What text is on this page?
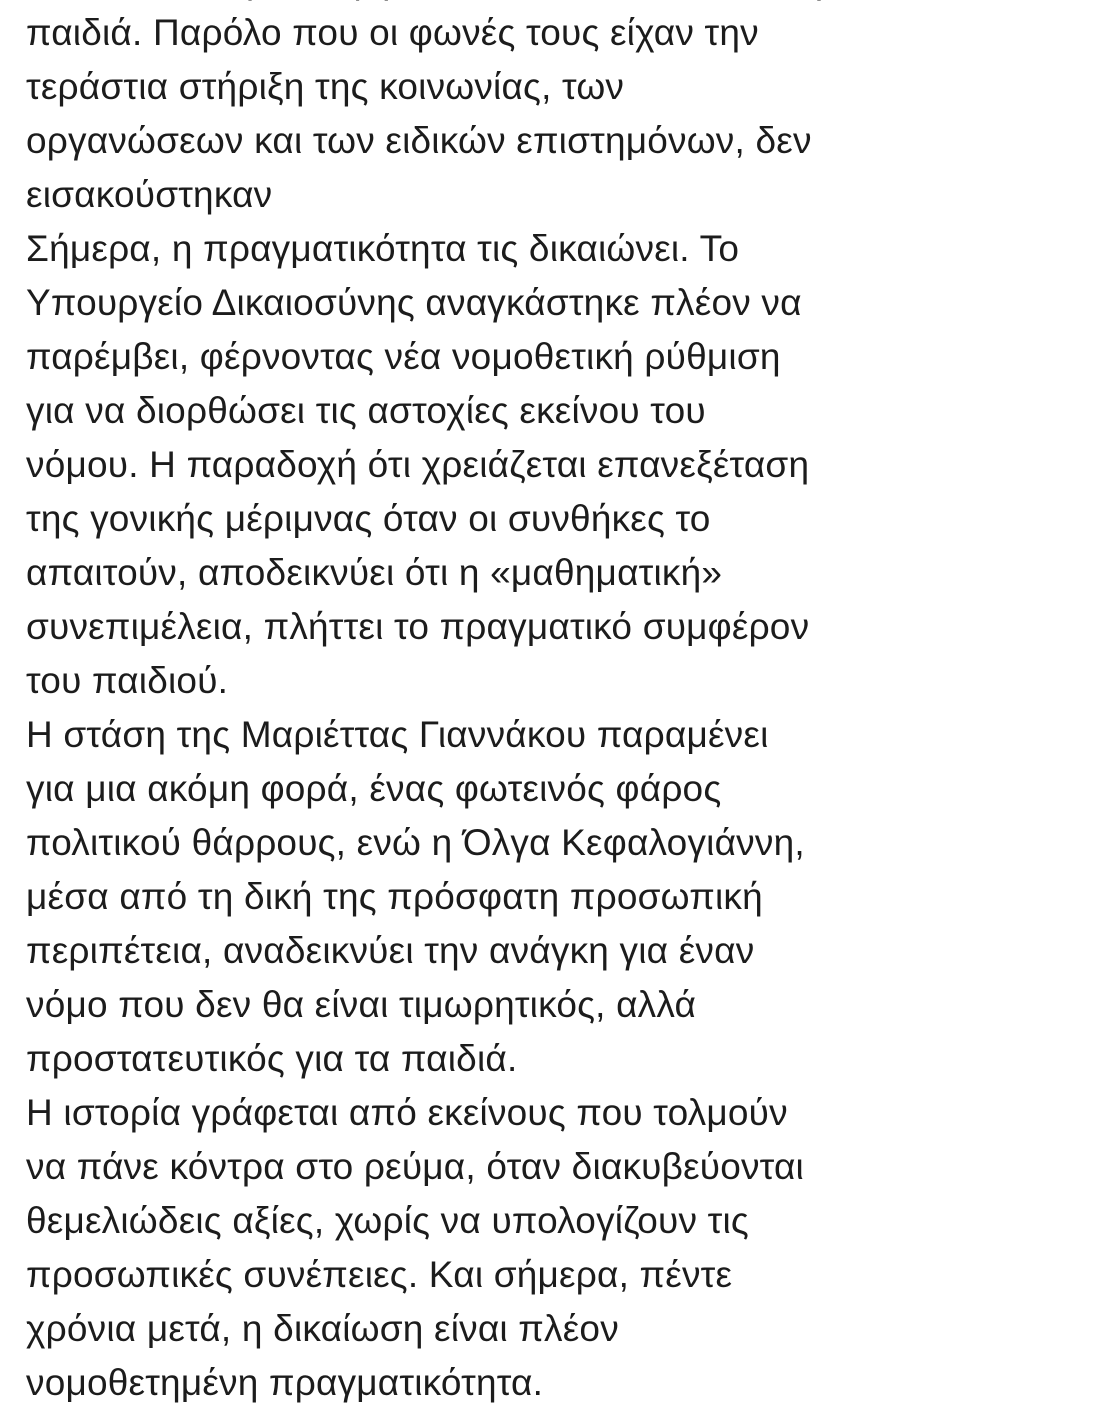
παιδιά. Παρόλο που οι φωνές τους είχαν την
τεράστια στήριξη της κοινωνίας, των
οργανώσεων και των ειδικών επιστημόνων, δεν
εισακούστηκαν
Σήμερα, η πραγματικότητα τις δικαιώνει. Το
Υπουργείο Δικαιοσύνης αναγκάστηκε πλέον να
παρέμβει, φέρνοντας νέα νομοθετική ρύθμιση
για να διορθώσει τις αστοχίες εκείνου του
νόμου. Η παραδοχή ότι χρειάζεται επανεξέταση
της γονικής μέριμνας όταν οι συνθήκες το
απαιτούν, αποδεικνύει ότι η «μαθηματική»
συνεπιμέλεια, πλήττει το πραγματικό συμφέρον
του παιδιού.
Η στάση της Μαριέττας Γιαννάκου παραμένει
για μια ακόμη φορά, ένας φωτεινός φάρος
πολιτικού θάρρους, ενώ η Όλγα Κεφαλογιάννη,
μέσα από τη δική της πρόσφατη προσωπική
περιπέτεια, αναδεικνύει την ανάγκη για έναν
νόμο που δεν θα είναι τιμωρητικός, αλλά
προστατευτικός για τα παιδιά.
Η ιστορία γράφεται από εκείνους που τολμούν
να πάνε κόντρα στο ρεύμα, όταν διακυβεύονται
θεμελιώδεις αξίες, χωρίς να υπολογίζουν τις
προσωπικές συνέπειες. Και σήμερα, πέντε
χρόνια μετά, η δικαίωση είναι πλέον
νομοθετημένη πραγματικότητα.
